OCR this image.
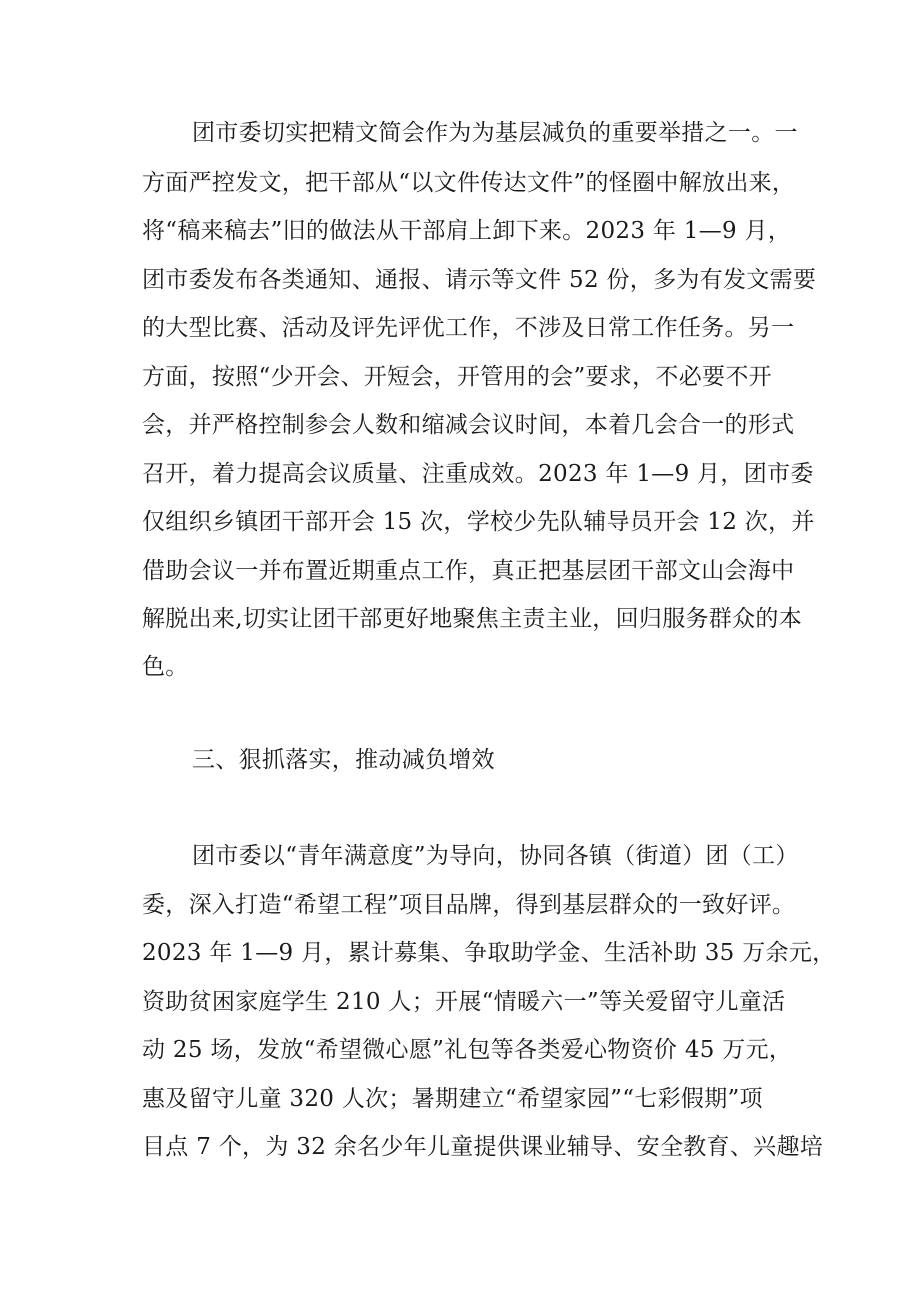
团市委切实把精文简会作为为基层减负的重要举措之一。一
方面严控发文，把干部从“以文件传达文件”的怪圈中解放出来，
将“稿来稿去”旧的做法从干部肩上卸下来。2023 年 1—9 月，
团市委发布各类通知、通报、请示等文件 52 份，多为有发文需要
的大型比赛、活动及评先评优工作，不涉及日常工作任务。另一
方面，按照“少开会、开短会，开管用的会”要求，不必要不开
会，并严格控制参会人数和缩减会议时间，本着几会合一的形式
召开，着力提高会议质量、注重成效。2023 年 1—9 月，团市委
仅组织乡镇团干部开会 15 次，学校少先队辅导员开会 12 次，并
借助会议一并布置近期重点工作，真正把基层团干部文山会海中
解脱出来,切实让团干部更好地聚焦主责主业，回归服务群众的本
色。
三、狠抓落实，推动减负增效
团市委以“青年满意度”为导向，协同各镇（街道）团（工）
委，深入打造“希望工程”项目品牌，得到基层群众的一致好评。
2023 年 1—9 月，累计募集、争取助学金、生活补助 35 万余元，
资助贫困家庭学生 210 人；开展“情暖六一”等关爱留守儿童活
动 25 场，发放“希望微心愿”礼包等各类爱心物资价 45 万元，
惠及留守儿童 320 人次；暑期建立“希望家园”“七彩假期”项
目点 7 个，为 32 余名少年儿童提供课业辅导、安全教育、兴趣培
